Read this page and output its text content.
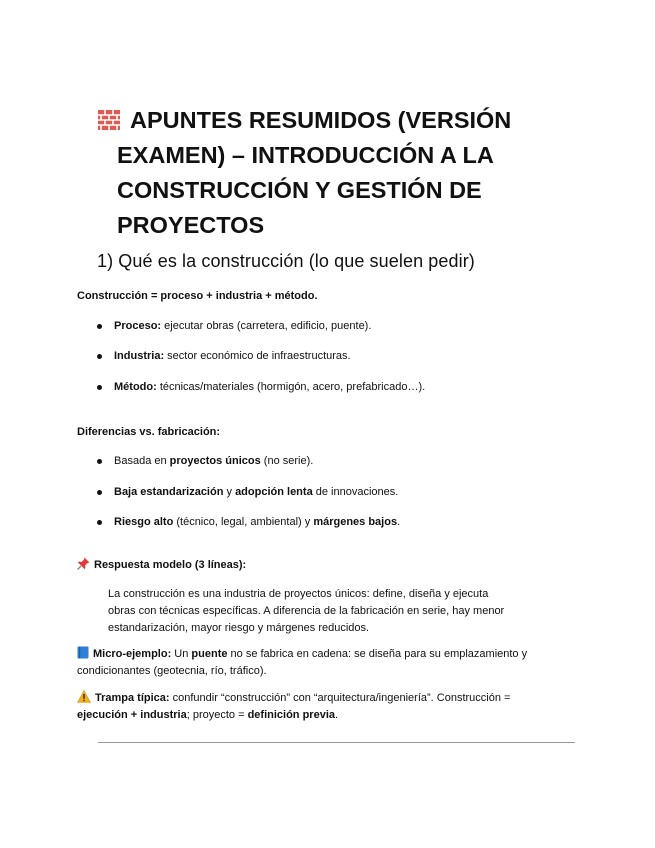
APUNTES RESUMIDOS (VERSIÓN
EXAMEN) – INTRODUCCIÓN A LA
CONSTRUCCIÓN Y GESTIÓN DE
PROYECTOS
1) Qué es la construcción (lo que suelen pedir)
Construcción = proceso + industria + método.
Proceso: ejecutar obras (carretera, edificio, puente).
Industria: sector económico de infraestructuras.
Método: técnicas/materiales (hormigón, acero, prefabricado…).
Diferencias vs. fabricación:
Basada en proyectos únicos (no serie).
Baja estandarización y adopción lenta de innovaciones.
Riesgo alto (técnico, legal, ambiental) y márgenes bajos.
Respuesta modelo (3 líneas):
La construcción es una industria de proyectos únicos: define, diseña y ejecuta
obras con técnicas específicas. A diferencia de la fabricación en serie, hay menor
estandarización, mayor riesgo y márgenes reducidos.
Micro-ejemplo: Un puente no se fabrica en cadena: se diseña para su emplazamiento y
condicionantes (geotecnia, río, tráfico).
Trampa típica: confundir “construcción” con “arquitectura/ingeniería”. Construcción =
ejecución + industria; proyecto = definición previa.
